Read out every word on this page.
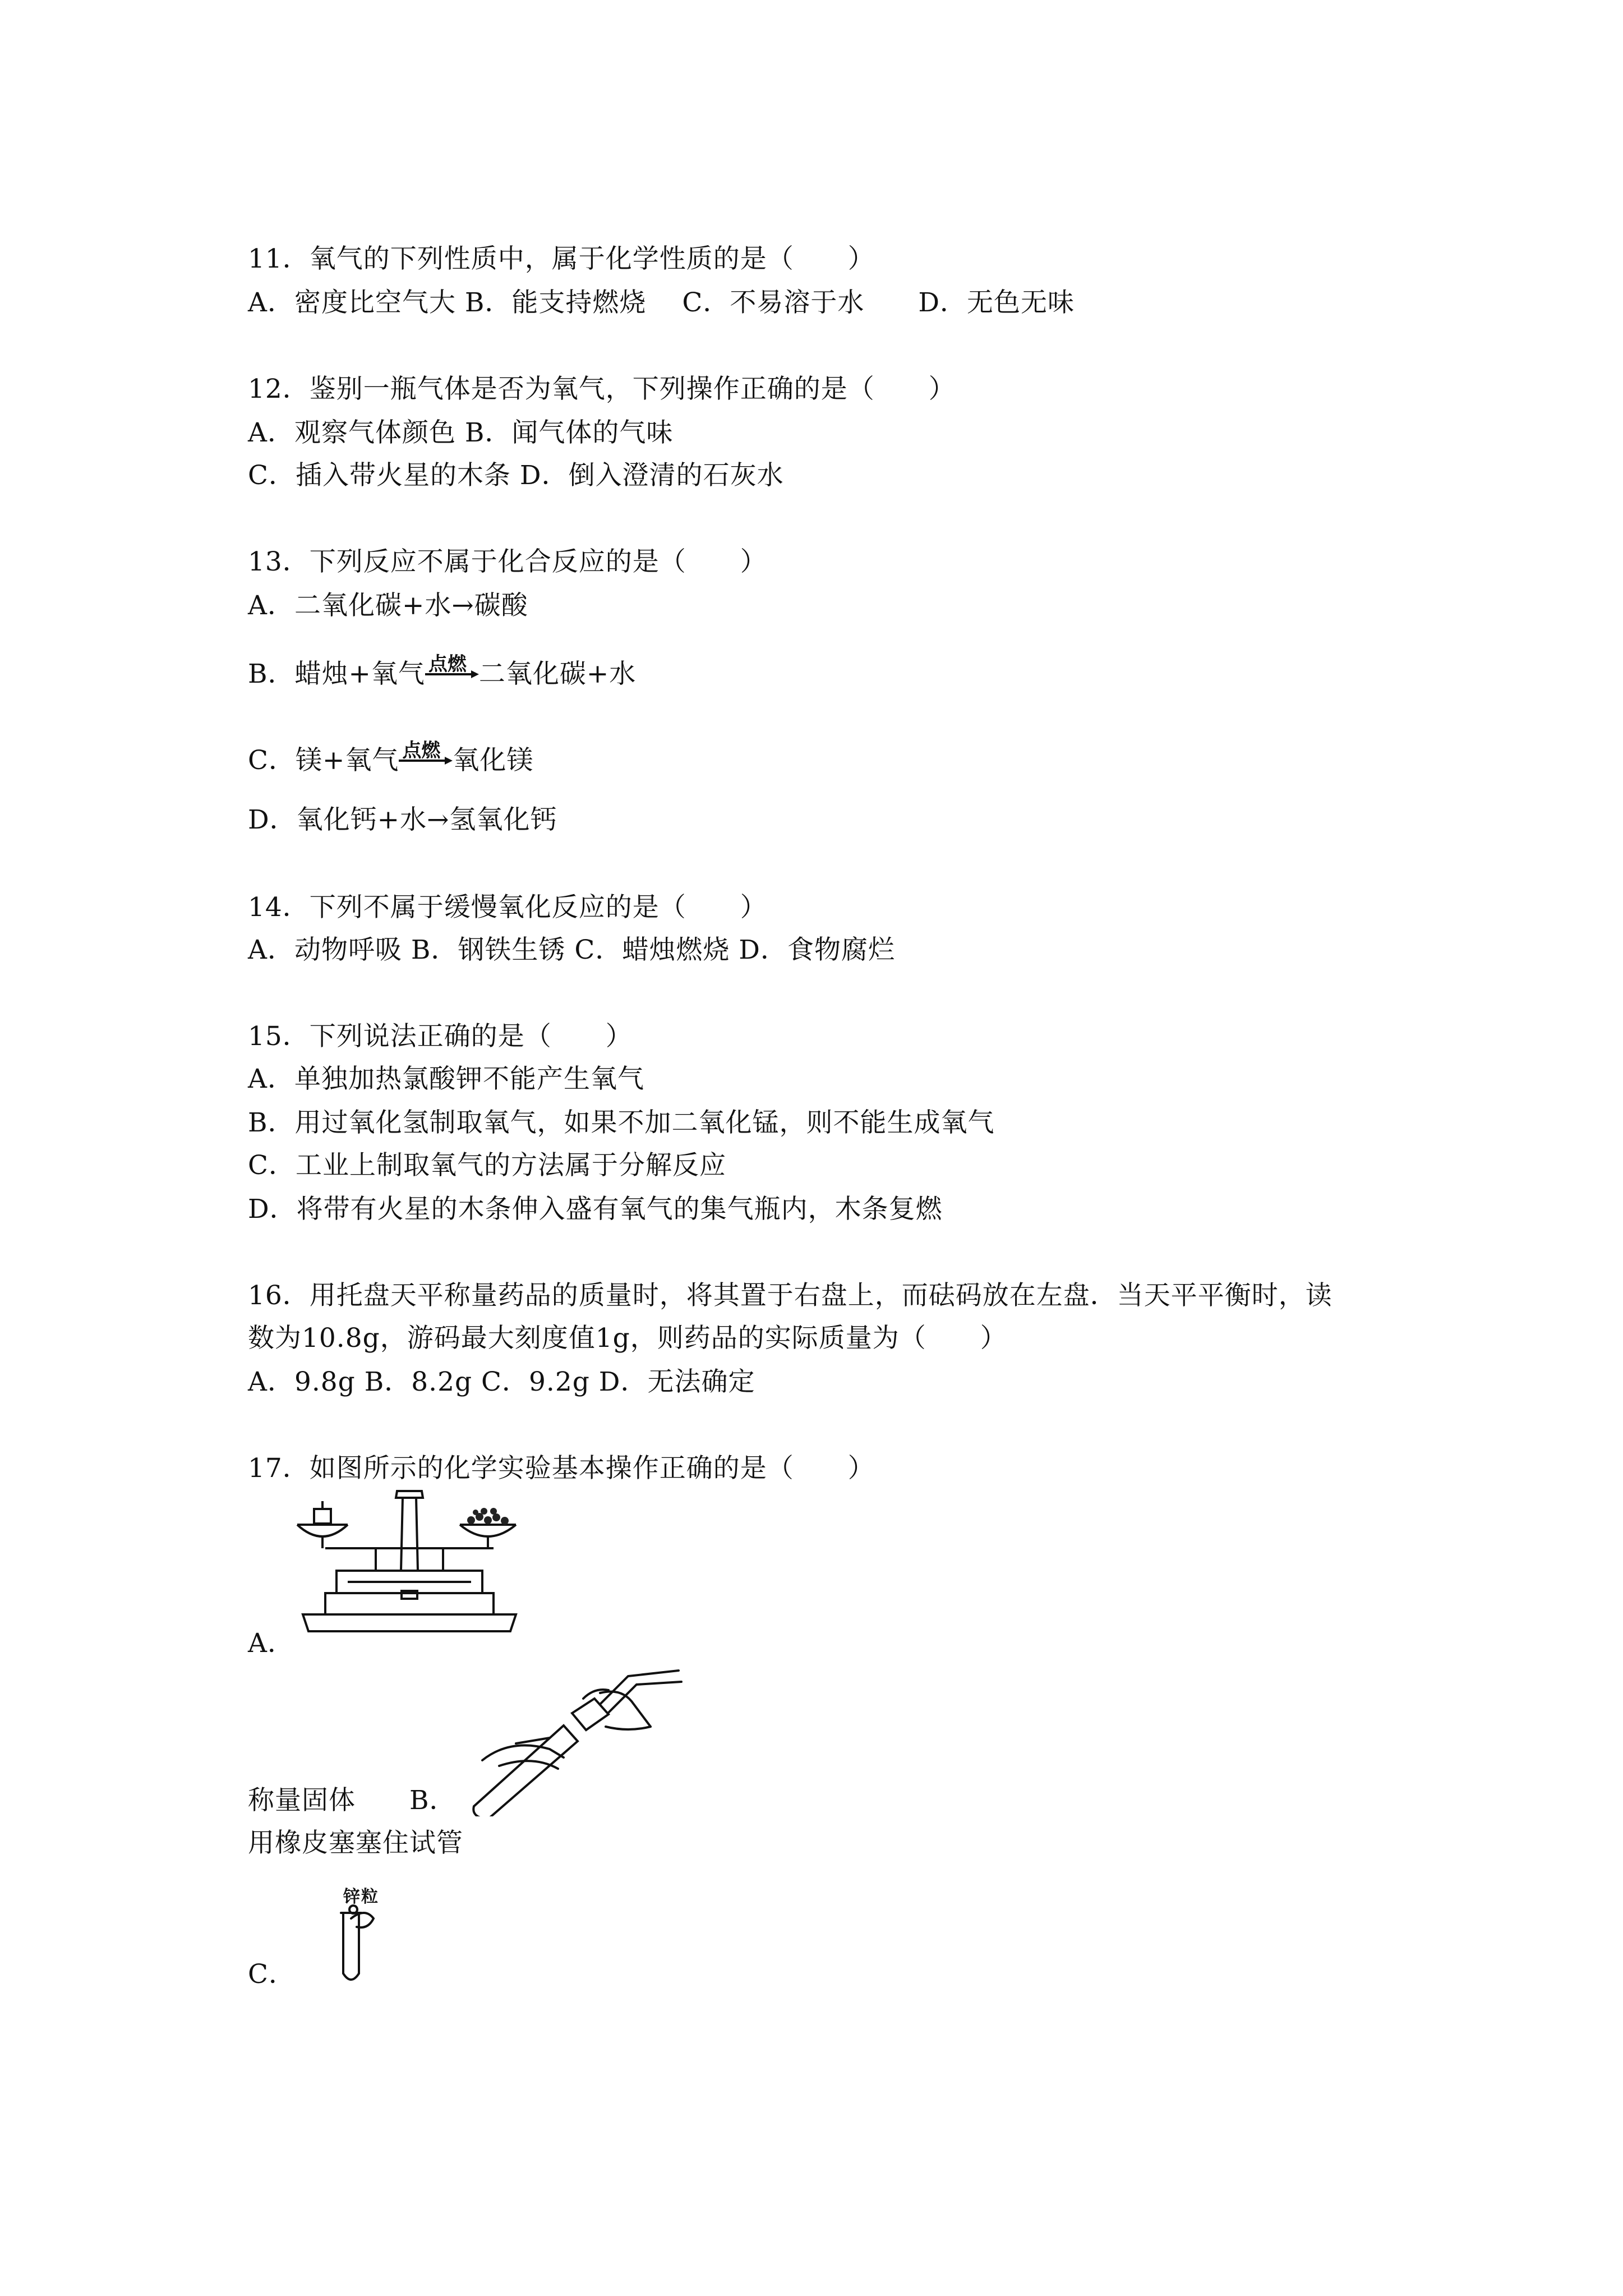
11．氧气的下列性质中，属于化学性质的是（　　）
A．密度比空气大 B．能支持燃烧　 C．不易溶于水　　D．无色无味
12．鉴别一瓶气体是否为氧气，下列操作正确的是（　　）
A．观察气体颜色 B．闻气体的气味
C．插入带火星的木条 D．倒入澄清的石灰水
13．下列反应不属于化合反应的是（　　）
A．二氧化碳+水→碳酸
B．蜡烛+氧气 点燃 二氧化碳+水
C．镁+氧气 点燃 氧化镁
D．氧化钙+水→氢氧化钙
14．下列不属于缓慢氧化反应的是（　　）
A．动物呼吸 B．钢铁生锈 C．蜡烛燃烧 D．食物腐烂
15．下列说法正确的是（　　）
A．单独加热氯酸钾不能产生氧气
B．用过氧化氢制取氧气，如果不加二氧化锰，则不能生成氧气
C．工业上制取氧气的方法属于分解反应
D．将带有火星的木条伸入盛有氧气的集气瓶内，木条复燃
16．用托盘天平称量药品的质量时，将其置于右盘上，而砝码放在左盘．当天平平衡时，读
数为10.8g，游码最大刻度值1g，则药品的实际质量为（　　）
A．9.8g B．8.2g C．9.2g D．无法确定
17．如图所示的化学实验基本操作正确的是（　　）
A．
称量固体　　B．
用橡皮塞塞住试管
锌粒
C．
